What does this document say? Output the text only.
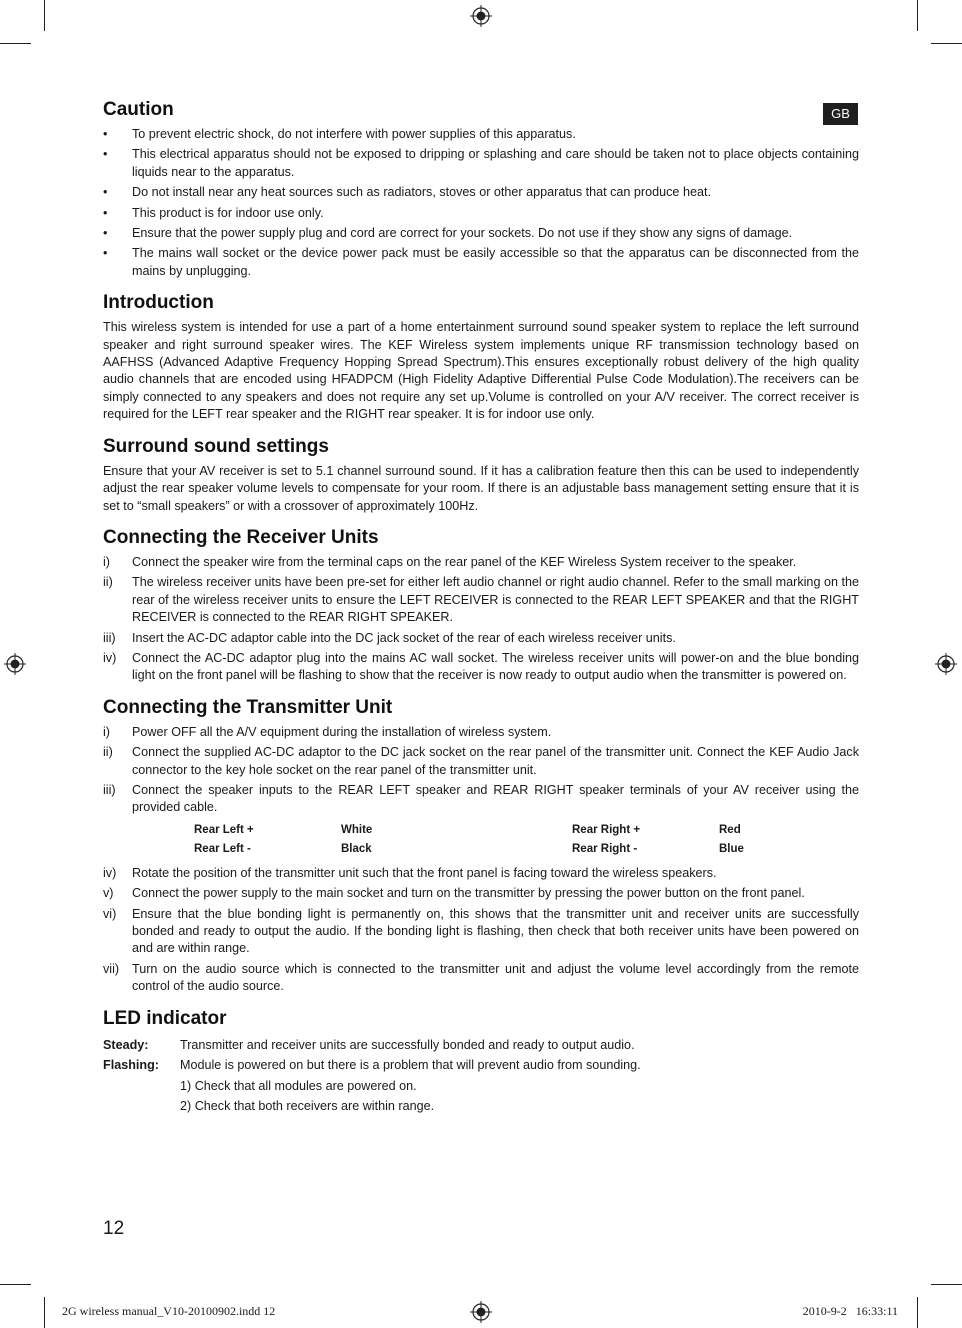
GB
Caution
• To prevent electric shock, do not interfere with power supplies of this apparatus.
• This electrical apparatus should not be exposed to dripping or splashing and care should be taken not to place objects containing liquids near to the apparatus.
• Do not install near any heat sources such as radiators, stoves or other apparatus that can produce heat.
• This product is for indoor use only.
• Ensure that the power supply plug and cord are correct for your sockets. Do not use if they show any signs of damage.
• The mains wall socket or the device power pack must be easily accessible so that the apparatus can be disconnected from the mains by unplugging.
Introduction

This wireless system is intended for use a part of a home entertainment surround sound speaker system to replace the left surround speaker and right surround speaker wires. The KEF Wireless system implements unique RF transmission technology based on AAFHSS (Advanced Adaptive Frequency Hopping Spread Spectrum).This ensures exceptionally robust delivery of the high quality audio channels that are encoded using HFADPCM (High Fidelity Adaptive Differential Pulse Code Modulation).The receivers can be simply connected to any speakers and does not require any set up.Volume is controlled on your A/V receiver. The correct receiver is required for the LEFT rear speaker and the RIGHT rear speaker. It is for indoor use only.

Surround sound settings

Ensure that your AV receiver is set to 5.1 channel surround sound. If it has a calibration feature then this can be used to independently adjust the rear speaker volume levels to compensate for your room. If there is an adjustable bass management setting ensure that it is set to “small speakers” or with a crossover of approximately 100Hz.

Connecting the Receiver Units
i) Connect the speaker wire from the terminal caps on the rear panel of the KEF Wireless System receiver to the speaker.
ii) The wireless receiver units have been pre-set for either left audio channel or right audio channel. Refer to the small marking on the rear of the wireless receiver units to ensure the LEFT RECEIVER is connected to the REAR LEFT SPEAKER and that the RIGHT RECEIVER is connected to the REAR RIGHT SPEAKER.
iii) Insert the AC-DC adaptor cable into the DC jack socket of the rear of each wireless receiver units.
iv) Connect the AC-DC adaptor plug into the mains AC wall socket. The wireless receiver units will power-on and the blue bonding light on the front panel will be flashing to show that the receiver is now ready to output audio when the transmitter is powered on.
Connecting the Transmitter Unit
i) Power OFF all the A/V equipment during the installation of wireless system.
ii) Connect the supplied AC-DC adaptor to the DC jack socket on the rear panel of the transmitter unit. Connect the KEF Audio Jack connector to the key hole socket on the rear panel of the transmitter unit.
iii) Connect the speaker inputs to the REAR LEFT speaker and REAR RIGHT speaker terminals of your AV receiver using the provided cable.
Rear Left +	White	Rear Right +	Red
Rear Left -	Black	Rear Right -	Blue
iv) Rotate the position of the transmitter unit such that the front panel is facing toward the wireless speakers.
v) Connect the power supply to the main socket and turn on the transmitter by pressing the power button on the front panel.
vi) Ensure that the blue bonding light is permanently on, this shows that the transmitter unit and receiver units are successfully bonded and ready to output the audio. If the bonding light is flashing, then check that both receiver units have been powered on and are within range.
vii) Turn on the audio source which is connected to the transmitter unit and adjust the volume level accordingly from the remote control of the audio source.
LED indicator
Steady:	Transmitter and receiver units are successfully bonded and ready to output audio.
Flashing:	Module is powered on but there is a problem that will prevent audio from sounding.
1) Check that all modules are powered on.
2) Check that both receivers are within range.
12
2G wireless manual_V10-20100902.indd 12	2010-9-2   16:33:11
